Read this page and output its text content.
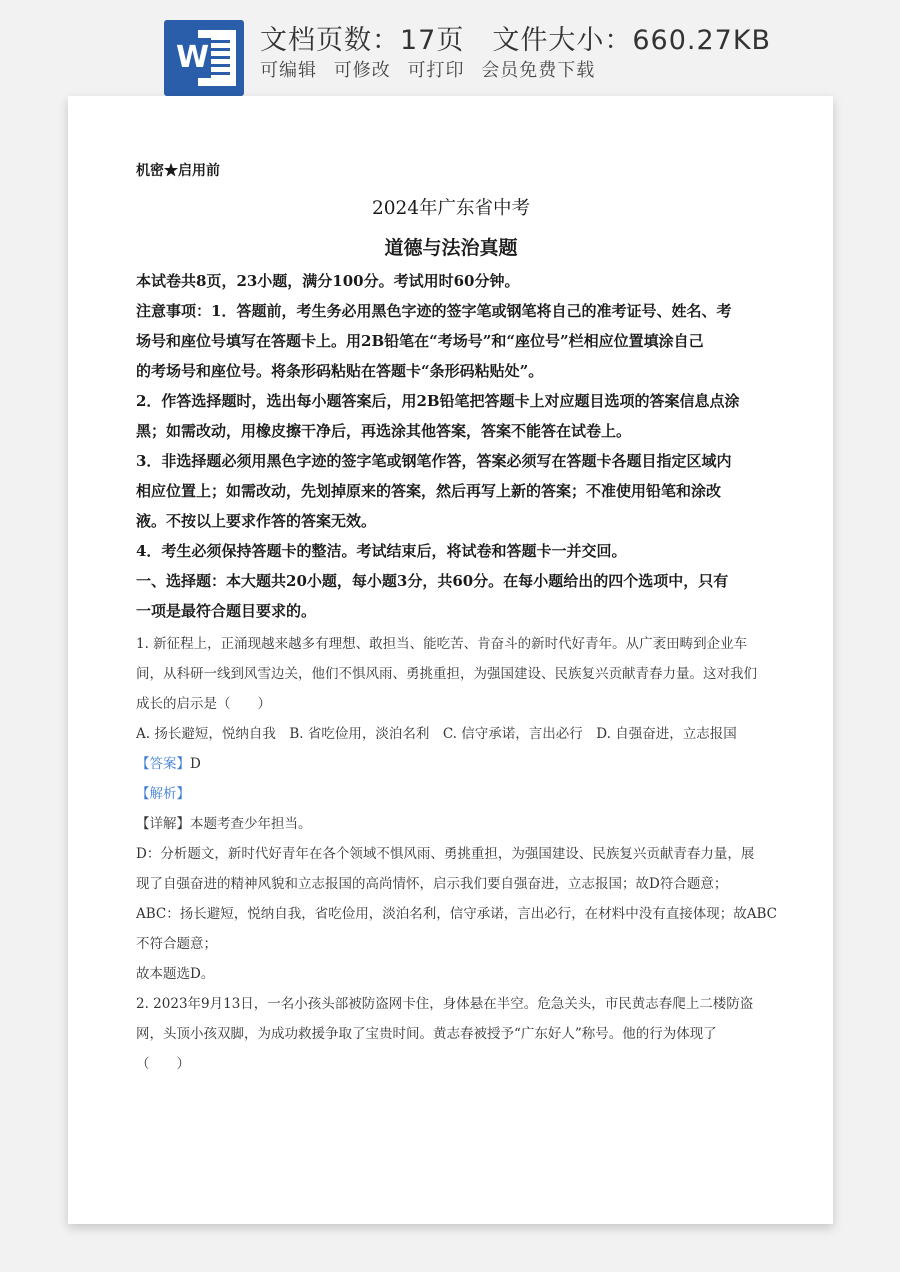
W 文档页数：17页 文件大小：660.27KB
可编辑 可修改 可打印 会员免费下载
机密★启用前
2024年广东省中考
道德与法治真题
本试卷共8页，23小题，满分100分。考试用时60分钟。
注意事项：1．答题前，考生务必用黑色字迹的签字笔或钢笔将自己的准考证号、姓名、考
场号和座位号填写在答题卡上。用2B铅笔在“考场号”和“座位号”栏相应位置填涂自己
的考场号和座位号。将条形码粘贴在答题卡“条形码粘贴处”。
2．作答选择题时，选出每小题答案后，用2B铅笔把答题卡上对应题目选项的答案信息点涂
黑；如需改动，用橡皮擦干净后，再选涂其他答案，答案不能答在试卷上。
3．非选择题必须用黑色字迹的签字笔或钢笔作答，答案必须写在答题卡各题目指定区域内
相应位置上；如需改动，先划掉原来的答案，然后再写上新的答案；不准使用铅笔和涂改
液。不按以上要求作答的答案无效。
4．考生必须保持答题卡的整洁。考试结束后，将试卷和答题卡一并交回。
一、选择题：本大题共20小题，每小题3分，共60分。在每小题给出的四个选项中，只有
一项是最符合题目要求的。
1. 新征程上，正涌现越来越多有理想、敢担当、能吃苦、肯奋斗的新时代好青年。从广袤田畴到企业车
间，从科研一线到风雪边关，他们不惧风雨、勇挑重担，为强国建设、民族复兴贡献青春力量。这对我们
成长的启示是（　　）
A. 扬长避短，悦纳自我　B. 省吃俭用，淡泊名利　C. 信守承诺，言出必行　D. 自强奋进，立志报国
【答案】D
【解析】
【详解】本题考查少年担当。
D：分析题文，新时代好青年在各个领域不惧风雨、勇挑重担，为强国建设、民族复兴贡献青春力量，展
现了自强奋进的精神风貌和立志报国的高尚情怀，启示我们要自强奋进，立志报国；故D符合题意；
ABC：扬长避短，悦纳自我，省吃俭用，淡泊名利，信守承诺，言出必行，在材料中没有直接体现；故ABC
不符合题意；
故本题选D。
2. 2023年9月13日，一名小孩头部被防盗网卡住，身体悬在半空。危急关头，市民黄志春爬上二楼防盗
网，头顶小孩双脚，为成功救援争取了宝贵时间。黄志春被授予“广东好人”称号。他的行为体现了
（　　）
